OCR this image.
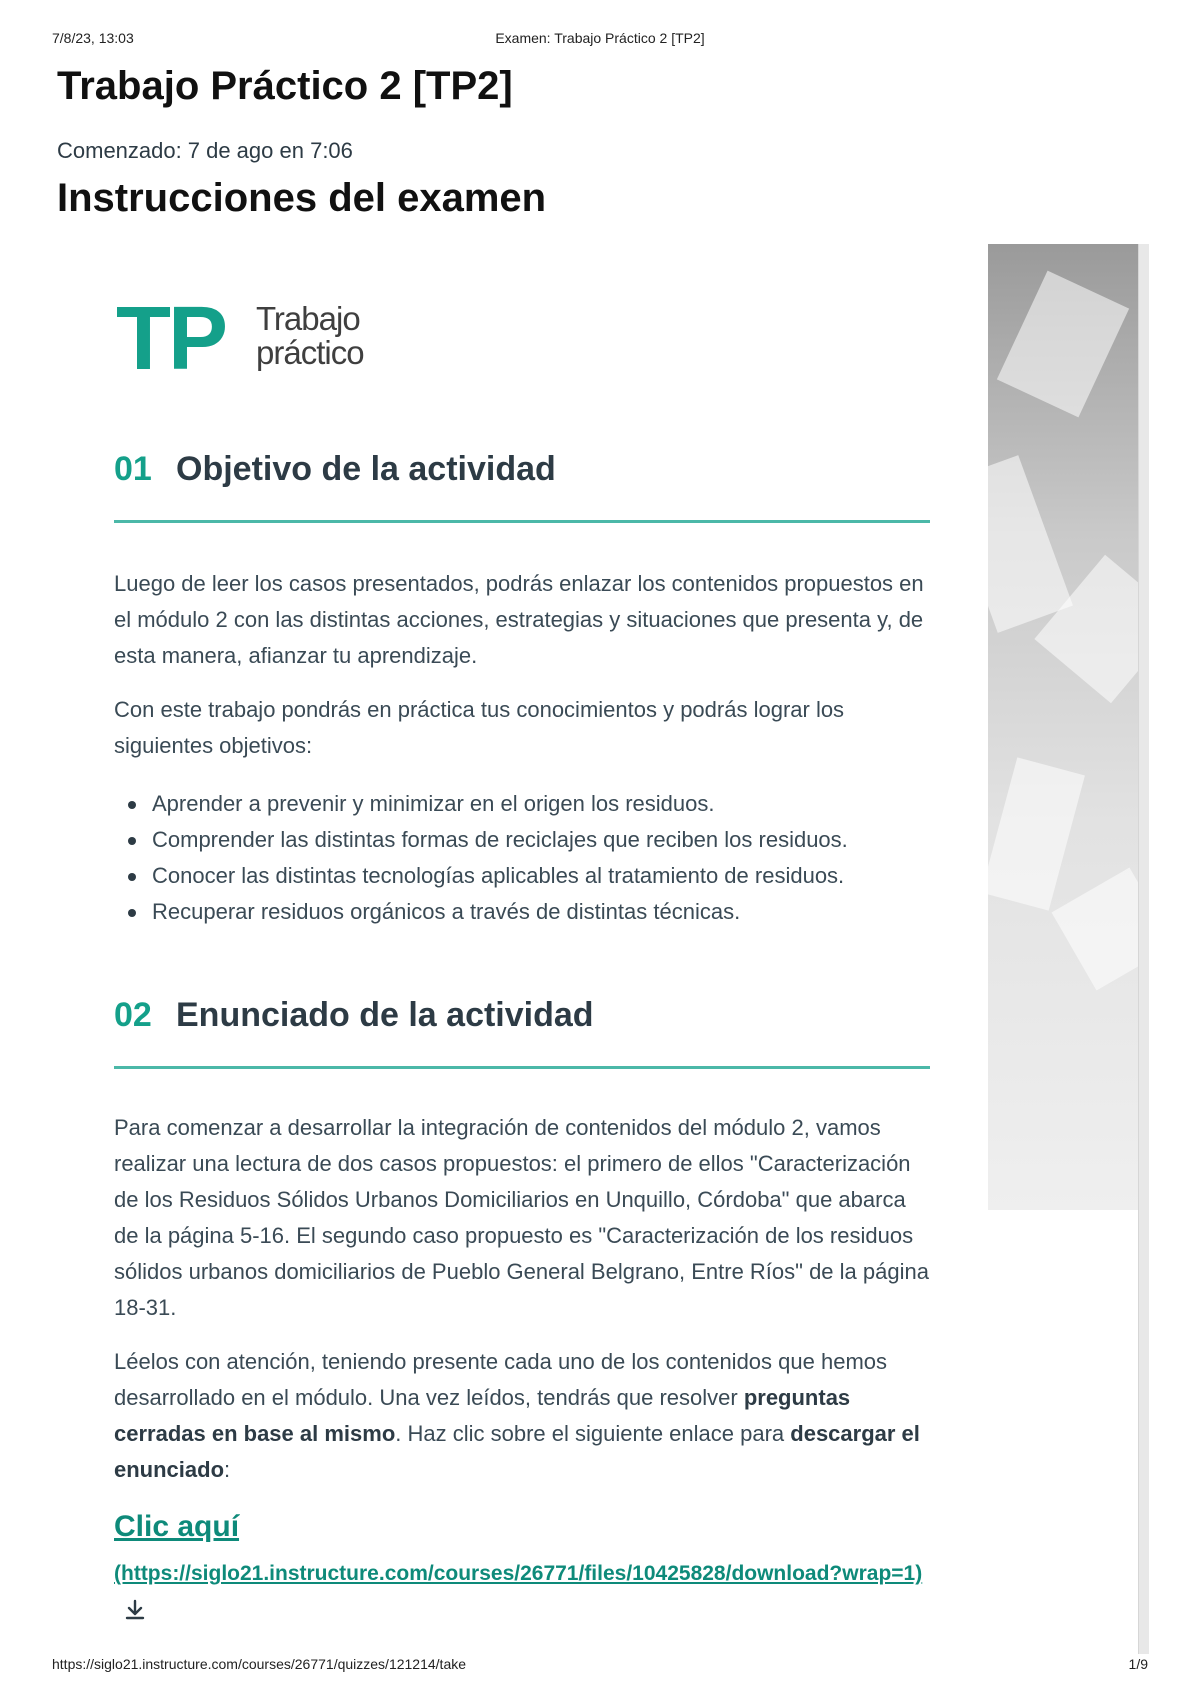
7/8/23, 13:03	Examen: Trabajo Práctico 2 [TP2]
Trabajo Práctico 2 [TP2]
Comenzado: 7 de ago en 7:06
Instrucciones del examen
TP Trabajo
práctico
01 Objetivo de la actividad

Luego de leer los casos presentados, podrás enlazar los contenidos propuestos en el módulo 2 con las distintas acciones, estrategias y situaciones que presenta y, de esta manera, afianzar tu aprendizaje.

Con este trabajo pondrás en práctica tus conocimientos y podrás lograr los siguientes objetivos:

Aprender a prevenir y minimizar en el origen los residuos.
Comprender las distintas formas de reciclajes que reciben los residuos.
Conocer las distintas tecnologías aplicables al tratamiento de residuos.
Recuperar residuos orgánicos a través de distintas técnicas.
02 Enunciado de la actividad

Para comenzar a desarrollar la integración de contenidos del módulo 2, vamos realizar una lectura de dos casos propuestos: el primero de ellos "Caracterización de los Residuos Sólidos Urbanos Domiciliarios en Unquillo, Córdoba" que abarca de la página 5-16. El segundo caso propuesto es "Caracterización de los residuos sólidos urbanos domiciliarios de Pueblo General Belgrano, Entre Ríos" de la página 18-31.

Léelos con atención, teniendo presente cada uno de los contenidos que hemos desarrollado en el módulo. Una vez leídos, tendrás que resolver preguntas cerradas en base al mismo. Haz clic sobre el siguiente enlace para descargar el enunciado:

Clic aquí
(https://siglo21.instructure.com/courses/26771/files/10425828/download?wrap=1)
https://siglo21.instructure.com/courses/26771/quizzes/121214/take	1/9
